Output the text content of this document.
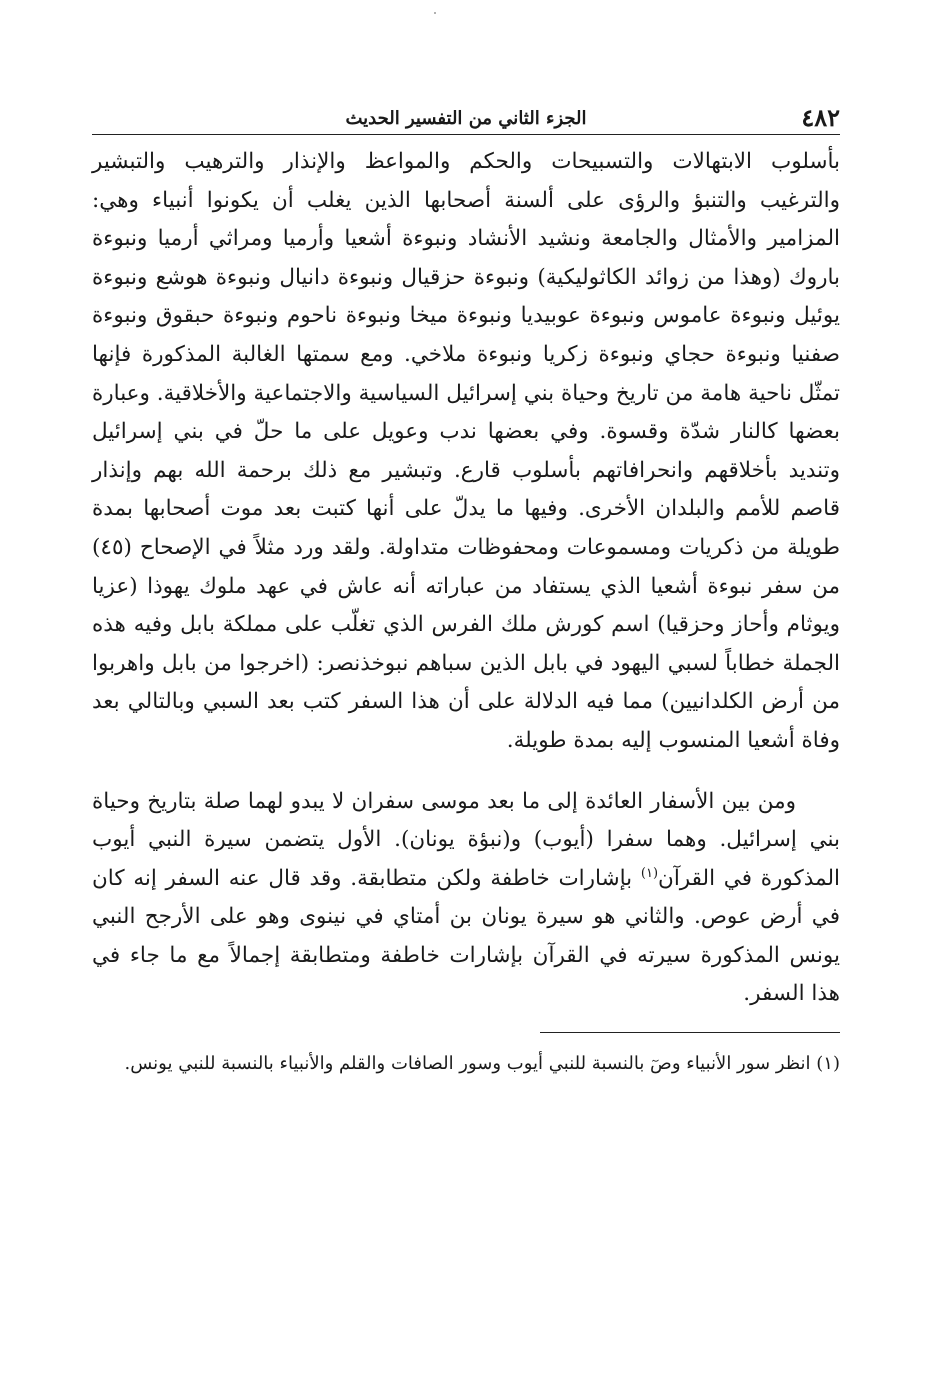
٤٨٢
الجزء الثاني من التفسير الحديث

بأسلوب الابتهالات والتسبيحات والحكم والمواعظ والإنذار والترهيب والتبشير والترغيب والتنبؤ والرؤى على ألسنة أصحابها الذين يغلب أن يكونوا أنبياء وهي: المزامير والأمثال والجامعة ونشيد الأنشاد ونبوءة أشعيا وأرميا ومراثي أرميا ونبوءة باروك (وهذا من زوائد الكاثوليكية) ونبوءة حزقيال ونبوءة دانيال ونبوءة هوشع ونبوءة يوئيل ونبوءة عاموس ونبوءة عوبيديا ونبوءة ميخا ونبوءة ناحوم ونبوءة حبقوق ونبوءة صفنيا ونبوءة حجاي ونبوءة زكريا ونبوءة ملاخي. ومع سمتها الغالبة المذكورة فإنها تمثّل ناحية هامة من تاريخ وحياة بني إسرائيل السياسية والاجتماعية والأخلاقية. وعبارة بعضها كالنار شدّة وقسوة. وفي بعضها ندب وعويل على ما حلّ في بني إسرائيل وتنديد بأخلاقهم وانحرافاتهم بأسلوب قارع. وتبشير مع ذلك برحمة الله بهم وإنذار قاصم للأمم والبلدان الأخرى. وفيها ما يدلّ على أنها كتبت بعد موت أصحابها بمدة طويلة من ذكريات ومسموعات ومحفوظات متداولة. ولقد ورد مثلاً في الإصحاح (٤٥) من سفر نبوءة أشعيا الذي يستفاد من عباراته أنه عاش في عهد ملوك يهوذا (عزيا ويوثام وأحاز وحزقيا) اسم كورش ملك الفرس الذي تغلّب على مملكة بابل وفيه هذه الجملة خطاباً لسبي اليهود في بابل الذين سباهم نبوخذنصر: (اخرجوا من بابل واهربوا من أرض الكلدانيين) مما فيه الدلالة على أن هذا السفر كتب بعد السبي وبالتالي بعد وفاة أشعيا المنسوب إليه بمدة طويلة.

ومن بين الأسفار العائدة إلى ما بعد موسى سفران لا يبدو لهما صلة بتاريخ وحياة بني إسرائيل. وهما سفرا (أيوب) و(نبؤة يونان). الأول يتضمن سيرة النبي أيوب المذكورة في القرآن$^{(١)}$ بإشارات خاطفة ولكن متطابقة. وقد قال عنه السفر إنه كان في أرض عوص. والثاني هو سيرة يونان بن أمتاي في نينوى وهو على الأرجح النبي يونس المذكورة سيرته في القرآن بإشارات خاطفة ومتطابقة إجمالاً مع ما جاء في هذا السفر.

(١) انظر سور الأنبياء وصٓ بالنسبة للنبي أيوب وسور الصافات والقلم والأنبياء بالنسبة للنبي يونس.
